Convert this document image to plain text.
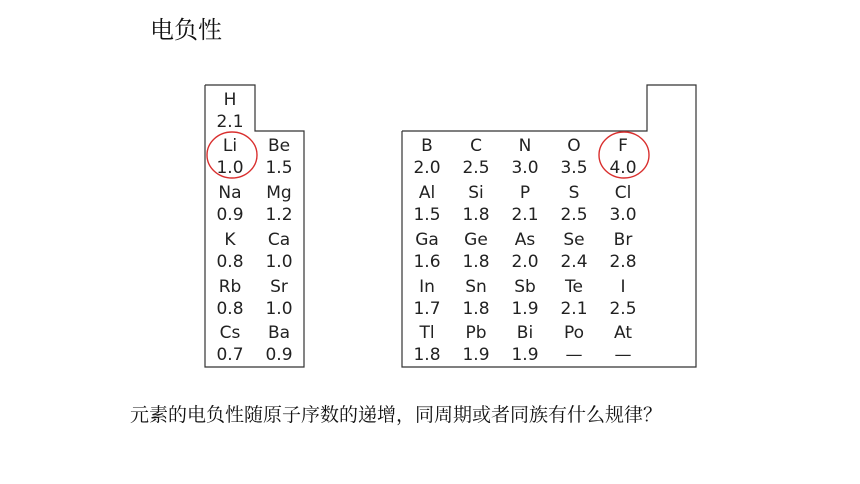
电负性
H
2.1
Li
1.0
Be
1.5
Na
0.9
Mg
1.2
K
0.8
Ca
1.0
Rb
0.8
Sr
1.0
Cs
0.7
Ba
0.9
B
2.0
C
2.5
N
3.0
O
3.5
F
4.0
Al
1.5
Si
1.8
P
2.1
S
2.5
Cl
3.0
Ga
1.6
Ge
1.8
As
2.0
Se
2.4
Br
2.8
In
1.7
Sn
1.8
Sb
1.9
Te
2.1
I
2.5
Tl
1.8
Pb
1.9
Bi
1.9
Po
—
At
—
元素的电负性随原子序数的递增，同周期或者同族有什么规律？
